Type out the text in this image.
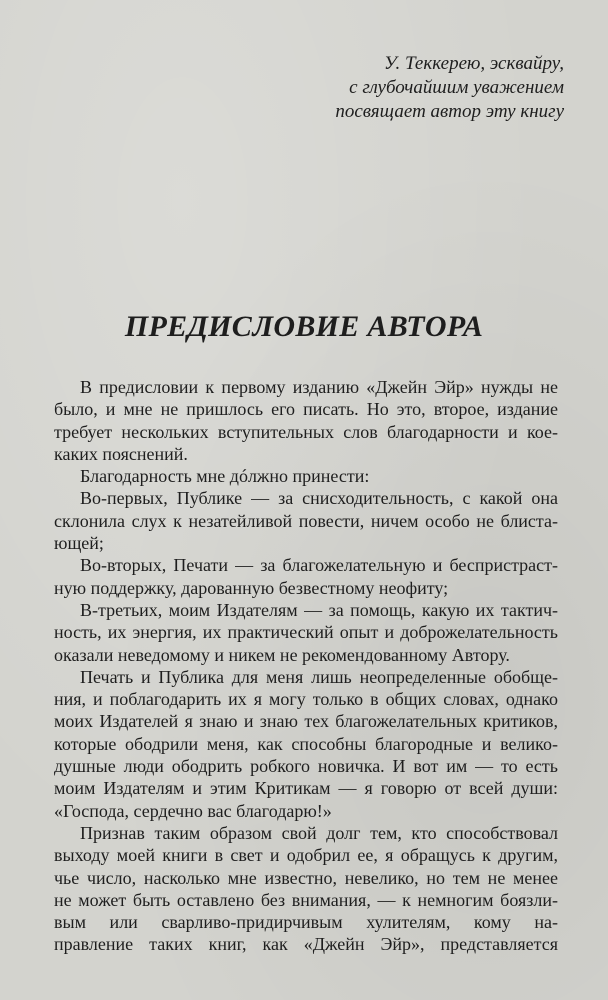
У. Теккерею, эсквайру,
с глубочайшим уважением
посвящает автор эту книгу
ПРЕДИСЛОВИЕ АВТОРА

В предисловии к первому изданию «Джейн Эйр» нужды не
было, и мне не пришлось его писать. Но это, второе, издание
требует нескольких вступительных слов благодарности и кое-
каких пояснений.

Благодарность мне дóлжно принести:

Во-первых, Публике — за снисходительность, с какой она
склонила слух к незатейливой повести, ничем особо не блиста-
ющей;

Во-вторых, Печати — за благожелательную и беспристраст-
ную поддержку, дарованную безвестному неофиту;

В-третьих, моим Издателям — за помощь, какую их тактич-
ность, их энергия, их практический опыт и доброжелательность
оказали неведомому и никем не рекомендованному Автору.

Печать и Публика для меня лишь неопределенные обобще-
ния, и поблагодарить их я могу только в общих словах, однако
моих Издателей я знаю и знаю тех благожелательных критиков,
которые ободрили меня, как способны благородные и велико-
душные люди ободрить робкого новичка. И вот им — то есть
моим Издателям и этим Критикам — я говорю от всей души:
«Господа, сердечно вас благодарю!»

Признав таким образом свой долг тем, кто способствовал
выходу моей книги в свет и одобрил ее, я обращусь к другим,
чье число, насколько мне известно, невелико, но тем не менее
не может быть оставлено без внимания, — к немногим боязли-
вым или сварливо-придирчивым хулителям, кому на-
правление таких книг, как «Джейн Эйр», представляется
